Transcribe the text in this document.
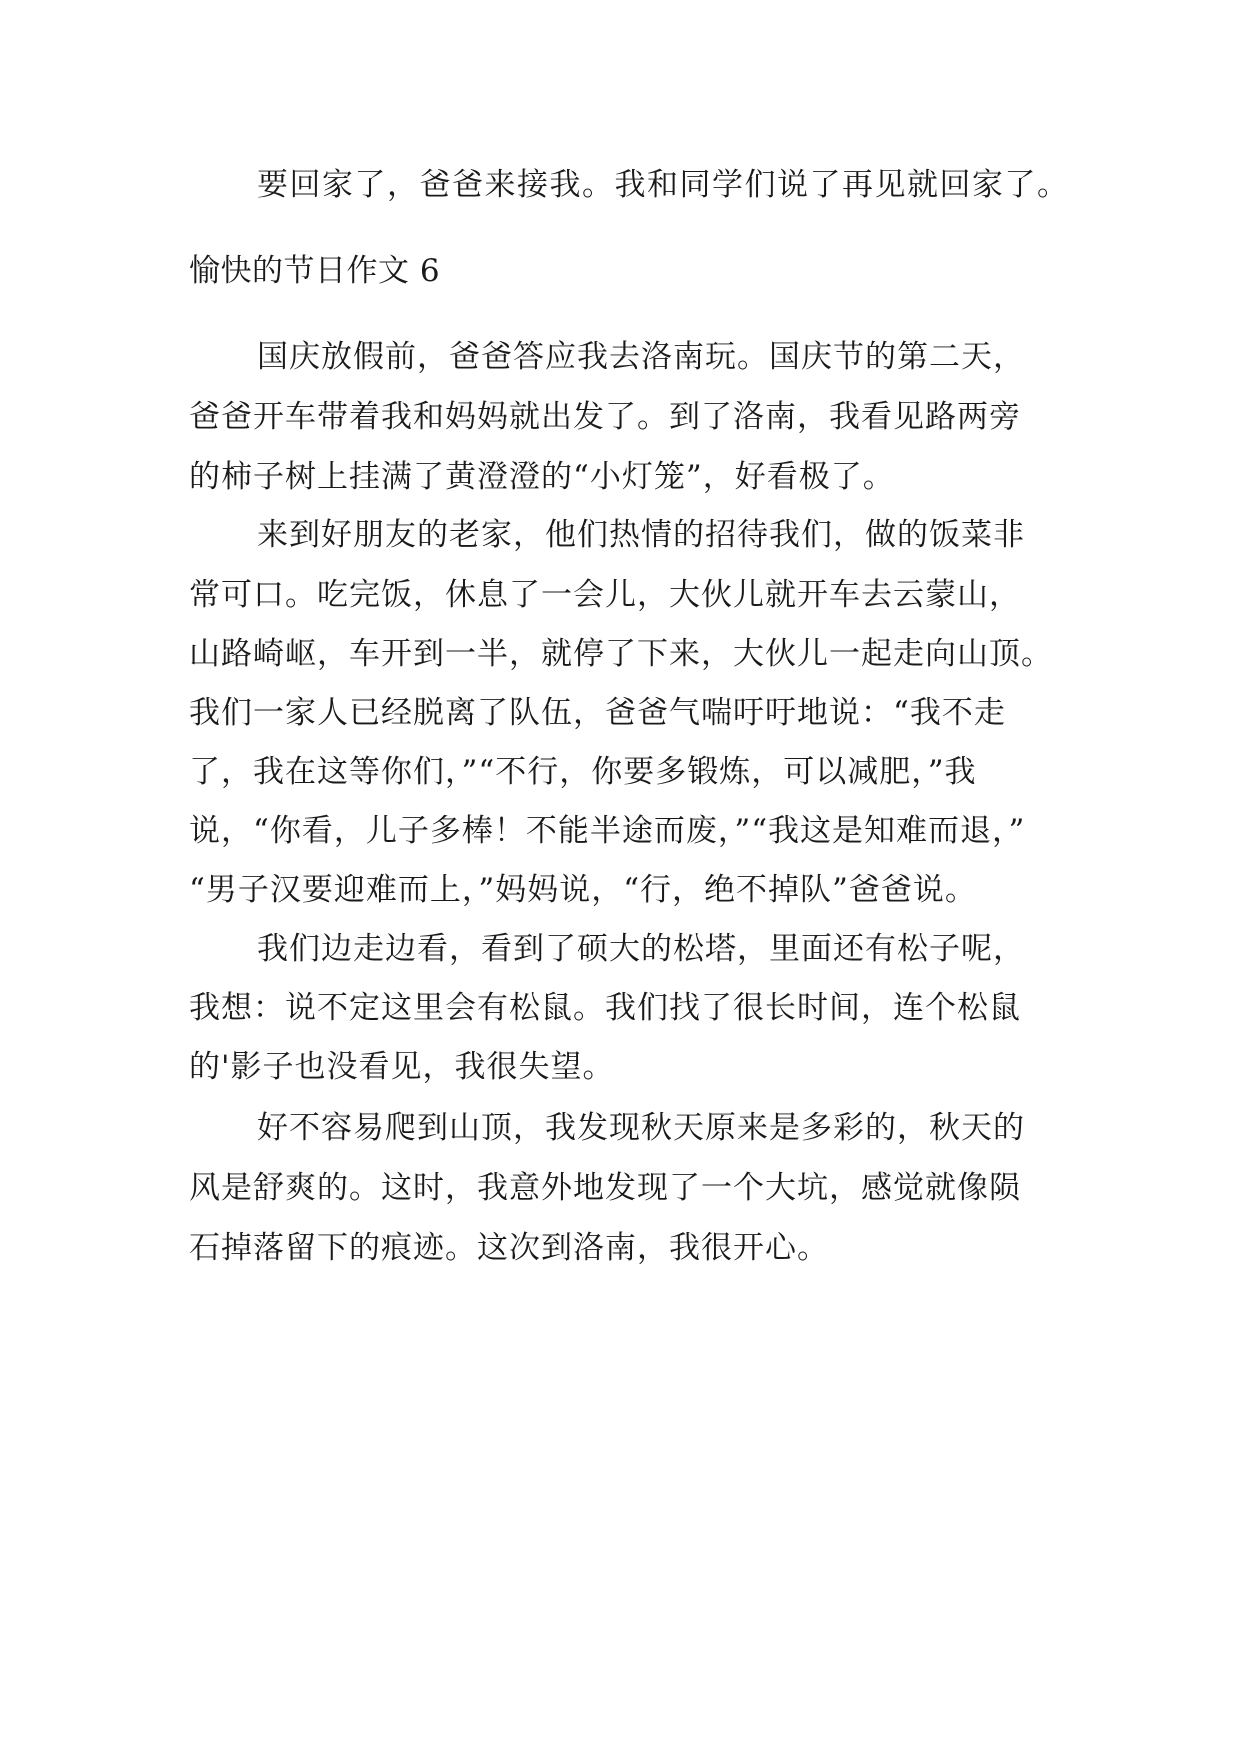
要回家了，爸爸来接我。我和同学们说了再见就回家了。

愉快的节日作文 6

国庆放假前，爸爸答应我去洛南玩。国庆节的第二天，

爸爸开车带着我和妈妈就出发了。到了洛南，我看见路两旁

的柿子树上挂满了黄澄澄的“小灯笼”，好看极了。

来到好朋友的老家，他们热情的招待我们，做的饭菜非

常可口。吃完饭，休息了一会儿，大伙儿就开车去云蒙山，

山路崎岖，车开到一半，就停了下来，大伙儿一起走向山顶。

我们一家人已经脱离了队伍，爸爸气喘吁吁地说：“我不走

了，我在这等你们，”“不行，你要多锻炼，可以减肥，”我

说，“你看，儿子多棒！不能半途而废，”“我这是知难而退，”

“男子汉要迎难而上，”妈妈说，“行，绝不掉队”爸爸说。

我们边走边看，看到了硕大的松塔，里面还有松子呢，

我想：说不定这里会有松鼠。我们找了很长时间，连个松鼠

的'影子也没看见，我很失望。

好不容易爬到山顶，我发现秋天原来是多彩的，秋天的

风是舒爽的。这时，我意外地发现了一个大坑，感觉就像陨

石掉落留下的痕迹。这次到洛南，我很开心。
